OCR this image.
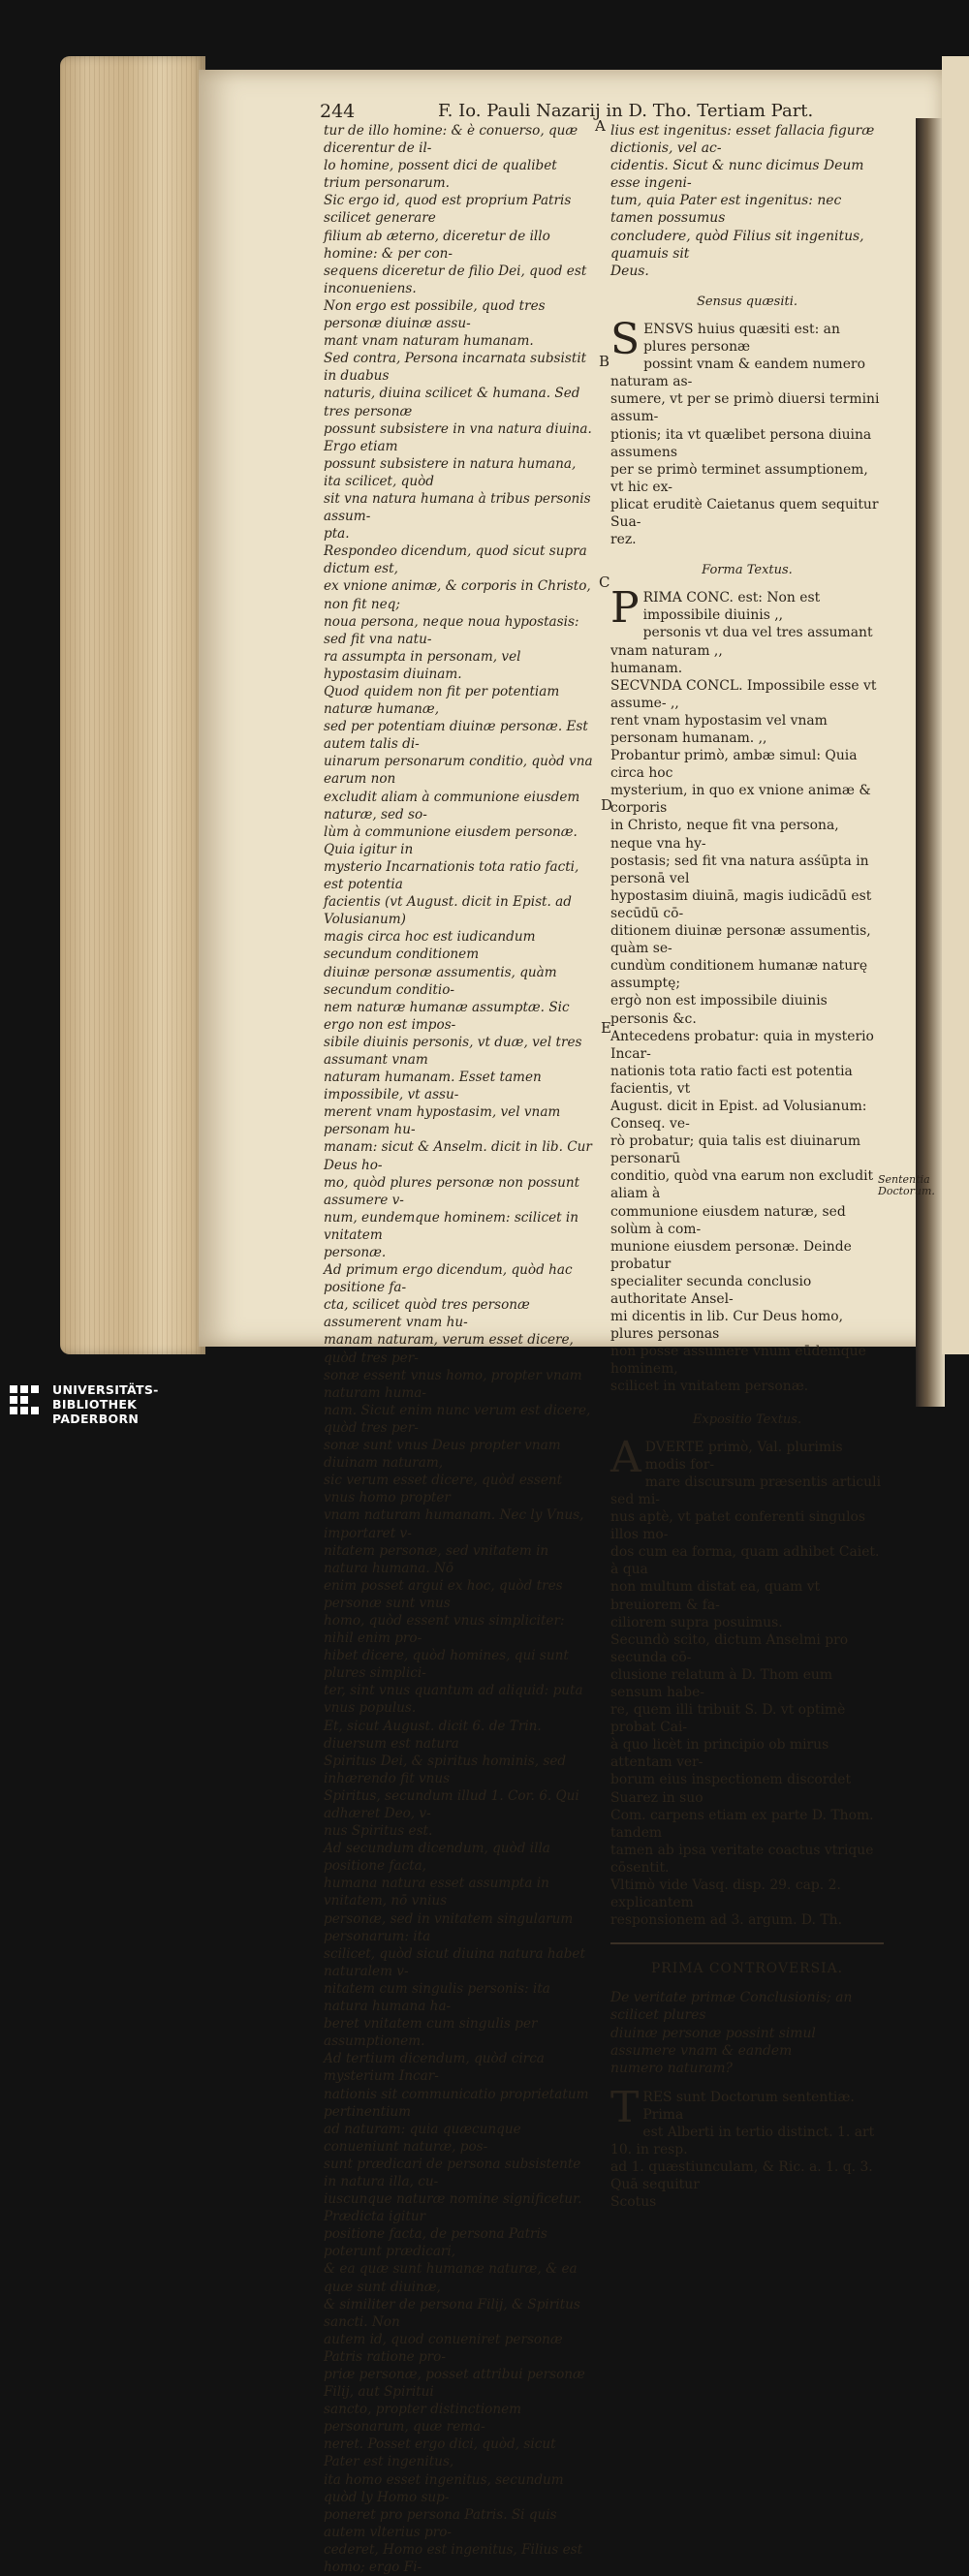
244	F. Io. Pauli Nazarij in D. Tho. Tertiam Part.

tur de illo homine: & è conuerso, quæ dicerentur de il-

lo homine, possent dici de qualibet trium personarum.

Sic ergo id, quod est proprium Patris scilicet generare

filium ab æterno, diceretur de illo homine: & per con-

sequens diceretur de filio Dei, quod est inconueniens.

Non ergo est possibile, quod tres personæ diuinæ assu-

mant vnam naturam humanam.

Sed contra, Persona incarnata subsistit in duabus

naturis, diuina scilicet & humana. Sed tres personæ

possunt subsistere in vna natura diuina. Ergo etiam

possunt subsistere in natura humana, ita scilicet, quòd

sit vna natura humana à tribus personis assum-

pta.

Respondeo dicendum, quod sicut supra dictum est,

ex vnione animæ, & corporis in Christo, non fit neq;

noua persona, neque noua hypostasis: sed fit vna natu-

ra assumpta in personam, vel hypostasim diuinam.

Quod quidem non fit per potentiam naturæ humanæ,

sed per potentiam diuinæ personæ. Est autem talis di-

uinarum personarum conditio, quòd vna earum non

excludit aliam à communione eiusdem naturæ, sed so-

lùm à communione eiusdem personæ. Quia igitur in

mysterio Incarnationis tota ratio facti, est potentia

facientis (vt August. dicit in Epist. ad Volusianum)

magis circa hoc est iudicandum secundum conditionem

diuinæ personæ assumentis, quàm secundum conditio-

nem naturæ humanæ assumptæ. Sic ergo non est impos-

sibile diuinis personis, vt duæ, vel tres assumant vnam

naturam humanam. Esset tamen impossibile, vt assu-

merent vnam hypostasim, vel vnam personam hu-

manam: sicut & Anselm. dicit in lib. Cur Deus ho-

mo, quòd plures personæ non possunt assumere v-

num, eundemque hominem: scilicet in vnitatem

personæ.

Ad primum ergo dicendum, quòd hac positione fa-

cta, scilicet quòd tres personæ assumerent vnam hu-

manam naturam, verum esset dicere, quòd tres per-

sonæ essent vnus homo, propter vnam naturam huma-

nam. Sicut enim nunc verum est dicere, quòd tres per-

sonæ sunt vnus Deus propter vnam diuinam naturam,

sic verum esset dicere, quòd essent vnus homo propter

vnam naturam humanam. Nec ly Vnus, importaret v-

nitatem personæ, sed vnitatem in natura humana. Nō

enim posset argui ex hoc, quòd tres personæ sunt vnus

homo, quòd essent vnus simpliciter: nihil enim pro-

hibet dicere, quòd homines, qui sunt plures simplici-

ter, sint vnus quantum ad aliquid: puta vnus populus.

Et, sicut August. dicit 6. de Trin. diuersum est natura

Spiritus Dei, & spiritus hominis, sed inhærendo fit vnus

Spiritus, secundum illud 1. Cor. 6. Qui adhæret Deo, v-

nus Spiritus est.

Ad secundum dicendum, quòd illa positione facta,

humana natura esset assumpta in vnitatem, nō vnius

personæ, sed in vnitatem singularum personarum: ita

scilicet, quòd sicut diuina natura habet naturalem v-

nitatem cum singulis personis: ita natura humana ha-

beret vnitatem cum singulis per assumptionem.

Ad tertium dicendum, quòd circa mysterium Incar-

nationis sit communicatio proprietatum pertinentium

ad naturam: quia quæcunque conueniunt naturæ, pos-

sunt prædicari de persona subsistente in natura illa, cu-

iuscunque naturæ nomine significetur. Prædicta igitur

positione facta, de persona Patris poterunt prædicari,

& ea quæ sunt humanæ naturæ, & ea quæ sunt diuinæ,

& similiter de persona Filij, & Spiritus sancti. Non

autem id, quod conueniret personæ Patris ratione pro-

priæ personæ, posset attribui personæ Filij, aut Spiritui

sancto, propter distinctionem personarum, quæ rema-

neret. Posset ergo dici, quòd, sicut Pater est ingenitus,

ita homo esset ingenitus, secundum quòd ly Homo sup-

poneret pro persona Patris. Si quis autem vlterius pro-

cederet, Homo est ingenitus, Filius est homo; ergo Fi-

lius est ingenitus: esset fallacia figuræ dictionis, vel ac-

cidentis. Sicut & nunc dicimus Deum esse ingeni-

tum, quia Pater est ingenitus: nec tamen possumus

concludere, quòd Filius sit ingenitus, quamuis sit

Deus.

Sensus quæsiti.

S ENSVS huius quæsiti est: an plures personæ

possint vnam & eandem numero naturam as-

sumere, vt per se primò diuersi termini assum-

ptionis; ita vt quælibet persona diuina assumens

per se primò terminet assumptionem, vt hic ex-

plicat eruditè Caietanus quem sequitur Sua-

rez.

Forma Textus.

P RIMA CONC. est: Non est impossibile diuinis ,,

personis vt dua vel tres assumant vnam naturam ,,

humanam.

SECVNDA CONCL. Impossibile esse vt assume- ,,

rent vnam hypostasim vel vnam personam humanam. ,,

Probantur primò, ambæ simul: Quia circa hoc

mysterium, in quo ex vnione animæ & corporis

in Christo, neque fit vna persona, neque vna hy-

postasis; sed fit vna natura asśūpta in personā vel

hypostasim diuinā, magis iudicādū est secūdū cō-

ditionem diuinæ personæ assumentis, quàm se-

cundùm conditionem humanæ naturę assumptę;

ergò non est impossibile diuinis personis &c.

Antecedens probatur: quia in mysterio Incar-

nationis tota ratio facti est potentia facientis, vt

August. dicit in Epist. ad Volusianum: Conseq. ve-

rò probatur; quia talis est diuinarum personarū

conditio, quòd vna earum non excludit aliam à

communione eiusdem naturæ, sed solùm à com-

munione eiusdem personæ. Deinde probatur

specialiter secunda conclusio authoritate Ansel-

mi dicentis in lib. Cur Deus homo, plures personas

non posse assumere vnum eūdemque hominem,

scilicet in vnitatem personæ.

Expositio Textus.

A DVERTE primò, Val. plurimis modis for-

mare discursum præsentis articuli sed mi-

nus aptè, vt patet conferenti singulos illos mo-

dos cum ea forma, quam adhibet Caiet. à qua

non multum distat ea, quam vt breuiorem & fa-

ciliorem supra posuimus.

Secundò scito, dictum Anselmi pro secunda cō-

clusione relatum à D. Thom eum sensum habe-

re, quem illi tribuit S. D. vt optimè probat Cai-

à quo licèt in principio ob mirus attentam ver-

borum eius inspectionem discordet Suarez in suo

Com. carpens etiam ex parte D. Thom. tandem

tamen ab ipsa veritate coactus vtrique cōsentit.

Vltimò vide Vasq. disp. 29. cap. 2. explicantem

responsionem ad 3. argum. D. Th.

PRIMA CONTROVERSIA.

De veritate primæ Conclusionis; an scilicet plures

diuinæ personæ possint simul assumere vnam & eandem

numero naturam?

T RES sunt Doctorum sententiæ. Prima

est Alberti in tertio distinct. 1. art 10. in resp.

ad 1. quæstiunculam, & Ric. a. 1. q. 3. Quā sequitur

Scotus

A
B
C
D
E
Sententia Doctorum.
UNIVERSITÄTS-
BIBLIOTHEK
PADERBORN
